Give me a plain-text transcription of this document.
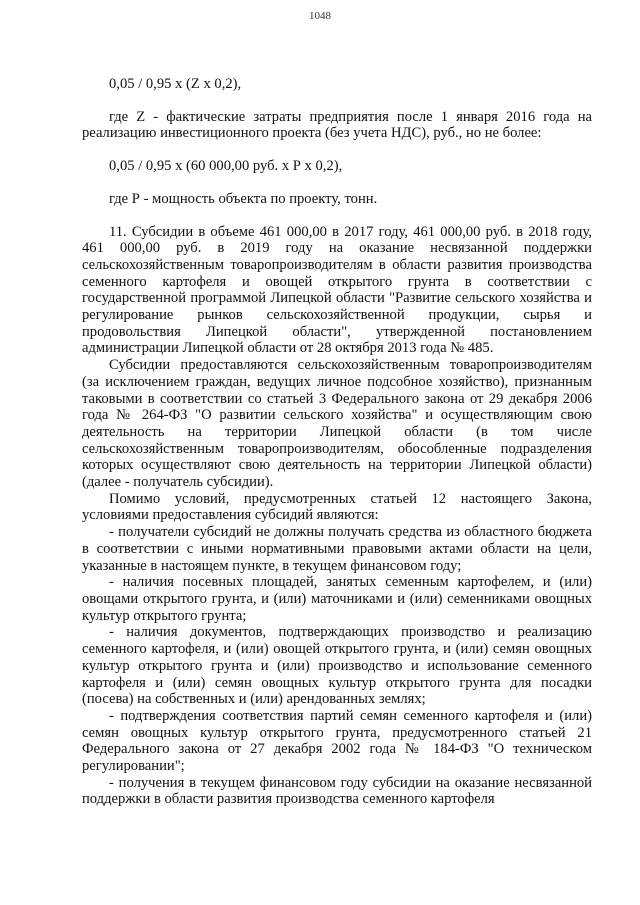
1048

0,05 / 0,95 х (Z х 0,2),

где Z - фактические затраты предприятия после 1 января 2016 года на реализацию инвестиционного проекта (без учета НДС), руб., но не более:

0,05 / 0,95 х (60 000,00 руб. х Р х 0,2),

где Р - мощность объекта по проекту, тонн.

11. Субсидии в объеме 461 000,00 в 2017 году, 461 000,00 руб. в 2018 году, 461 000,00 руб. в 2019 году на оказание несвязанной поддержки сельскохозяйственным товаропроизводителям в области развития производства семенного картофеля и овощей открытого грунта в соответствии с государственной программой Липецкой области "Развитие сельского хозяйства и регулирование рынков сельскохозяйственной продукции, сырья и продовольствия Липецкой области", утвержденной постановлением администрации Липецкой области от 28 октября 2013 года № 485.

Субсидии предоставляются сельскохозяйственным товаропроизводителям (за исключением граждан, ведущих личное подсобное хозяйство), признанным таковыми в соответствии со статьей 3 Федерального закона от 29 декабря 2006 года № 264-ФЗ "О развитии сельского хозяйства" и осуществляющим свою деятельность на территории Липецкой области (в том числе сельскохозяйственным товаропроизводителям, обособленные подразделения которых осуществляют свою деятельность на территории Липецкой области) (далее - получатель субсидии).

Помимо условий, предусмотренных статьей 12 настоящего Закона, условиями предоставления субсидий являются:

- получатели субсидий не должны получать средства из областного бюджета в соответствии с иными нормативными правовыми актами области на цели, указанные в настоящем пункте, в текущем финансовом году;

- наличия посевных площадей, занятых семенным картофелем, и (или) овощами открытого грунта, и (или) маточниками и (или) семенниками овощных культур открытого грунта;

- наличия документов, подтверждающих производство и реализацию семенного картофеля, и (или) овощей открытого грунта, и (или) семян овощных культур открытого грунта и (или) производство и использование семенного картофеля и (или) семян овощных культур открытого грунта для посадки (посева) на собственных и (или) арендованных землях;

- подтверждения соответствия партий семян семенного картофеля и (или) семян овощных культур открытого грунта, предусмотренного статьей 21 Федерального закона от 27 декабря 2002 года № 184-ФЗ "О техническом регулировании";

- получения в текущем финансовом году субсидии на оказание несвязанной поддержки в области развития производства семенного картофеля
